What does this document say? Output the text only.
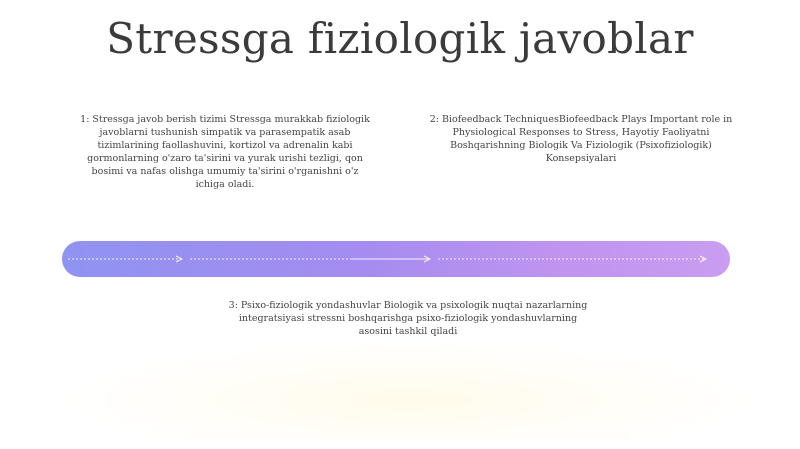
Stressga fiziologik javoblar
1: Stressga javob berish tizimi Stressga murakkab fiziologik javoblarni tushunish simpatik va parasempatik asab tizimlarining faollashuvini, kortizol va adrenalin kabi gormonlarning o'zaro ta'sirini va yurak urishi tezligi, qon bosimi va nafas olishga umumiy ta'sirini o'rganishni o'z ichiga oladi.
2: Biofeedback TechniquesBiofeedback Plays Important role in Physiological Responses to Stress, Hayotiy Faoliyatni Boshqarishning Biologik Va Fiziologik (Psixofiziologik) Konsepsiyalari
3: Psixo-fiziologik yondashuvlar Biologik va psixologik nuqtai nazarlarning integratsiyasi stressni boshqarishga psixo-fiziologik yondashuvlarning asosini tashkil qiladi
